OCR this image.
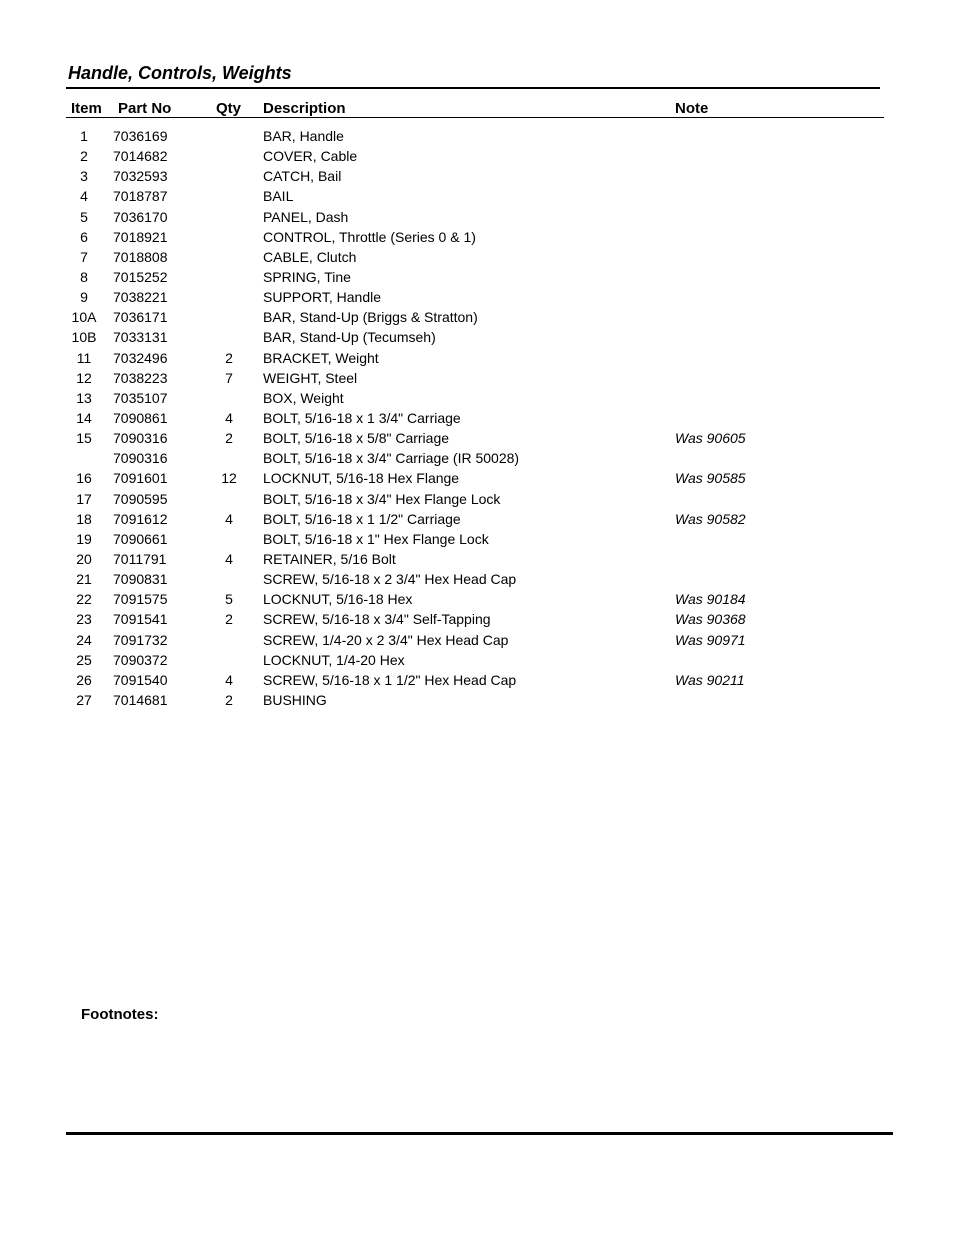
Handle, Controls, Weights
Item Part No	Qty Description	Note
1	7036169	BAR, Handle
2	7014682	COVER, Cable
3	7032593	CATCH, Bail
4	7018787	BAIL
5	7036170	PANEL, Dash
6	7018921	CONTROL, Throttle (Series 0 & 1)
7	7018808	CABLE, Clutch
8	7015252	SPRING, Tine
9	7038221	SUPPORT, Handle
10A	7036171	BAR, Stand-Up (Briggs & Stratton)
10B	7033131	BAR, Stand-Up (Tecumseh)
11	7032496	2	BRACKET, Weight
12	7038223	7	WEIGHT, Steel
13	7035107	BOX, Weight
14	7090861	4	BOLT, 5/16-18 x 1 3/4" Carriage
15	7090316	2	BOLT, 5/16-18 x 5/8" Carriage	Was 90605
7090316	BOLT, 5/16-18 x 3/4" Carriage (IR 50028)
16	7091601	12	LOCKNUT, 5/16-18 Hex Flange	Was 90585
17	7090595	BOLT, 5/16-18 x 3/4" Hex Flange Lock
18	7091612	4	BOLT, 5/16-18 x 1 1/2" Carriage	Was 90582
19	7090661	BOLT, 5/16-18 x 1" Hex Flange Lock
20	7011791	4	RETAINER, 5/16 Bolt
21	7090831	SCREW, 5/16-18 x 2 3/4" Hex Head Cap
22	7091575	5	LOCKNUT, 5/16-18 Hex	Was 90184
23	7091541	2	SCREW, 5/16-18 x 3/4" Self-Tapping	Was 90368
24	7091732	SCREW, 1/4-20 x 2 3/4" Hex Head Cap	Was 90971
25	7090372	LOCKNUT, 1/4-20 Hex
26	7091540	4	SCREW, 5/16-18 x 1 1/2" Hex Head Cap	Was 90211
27	7014681	2	BUSHING
Footnotes:
